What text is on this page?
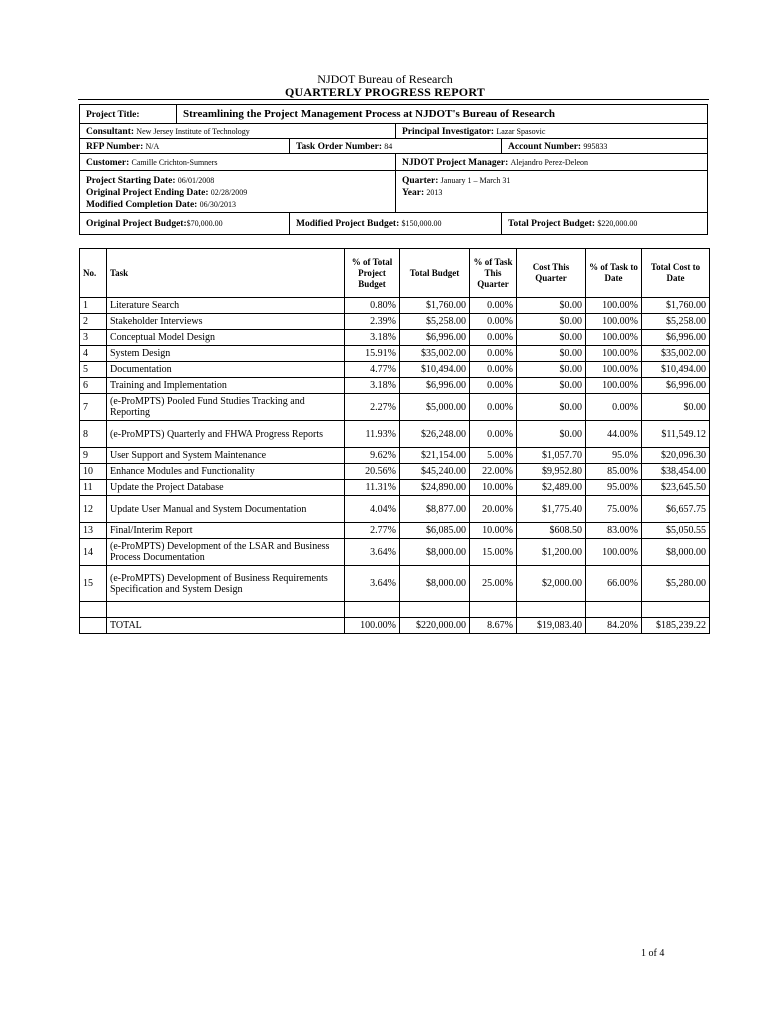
NJDOT Bureau of Research
QUARTERLY PROGRESS REPORT
Project Title:	Streamlining the Project Management Process at NJDOT's Bureau of Research
Consultant: New Jersey Institute of Technology	Principal Investigator: Lazar Spasovic
RFP Number: N/A	Task Order Number: 84	Account Number: 995833
Customer: Camille Crichton-Sumners	NJDOT Project Manager: Alejandro Perez-Deleon
Project Starting Date: 06/01/2008
Original Project Ending Date: 02/28/2009
Modified Completion Date: 06/30/2013
Quarter: January 1 – March 31
Year: 2013
Original Project Budget:$70,000.00	Modified Project Budget: $150,000.00	Total Project Budget: $220,000.00
No.	Task	% of Total Project Budget	Total Budget	% of Task This Quarter	Cost This Quarter	% of Task to Date	Total Cost to Date
1	Literature Search	0.80%	$1,760.00	0.00%	$0.00	100.00%	$1,760.00
2	Stakeholder Interviews	2.39%	$5,258.00	0.00%	$0.00	100.00%	$5,258.00
3	Conceptual Model Design	3.18%	$6,996.00	0.00%	$0.00	100.00%	$6,996.00
4	System Design	15.91%	$35,002.00	0.00%	$0.00	100.00%	$35,002.00
5	Documentation	4.77%	$10,494.00	0.00%	$0.00	100.00%	$10,494.00
6	Training and Implementation	3.18%	$6,996.00	0.00%	$0.00	100.00%	$6,996.00
7	(e-ProMPTS) Pooled Fund Studies Tracking and Reporting	2.27%	$5,000.00	0.00%	$0.00	0.00%	$0.00
8	(e-ProMPTS) Quarterly and FHWA Progress Reports	11.93%	$26,248.00	0.00%	$0.00	44.00%	$11,549.12
9	User Support and System Maintenance	9.62%	$21,154.00	5.00%	$1,057.70	95.0%	$20,096.30
10	Enhance Modules and Functionality	20.56%	$45,240.00	22.00%	$9,952.80	85.00%	$38,454.00
11	Update the Project Database	11.31%	$24,890.00	10.00%	$2,489.00	95.00%	$23,645.50
12	Update User Manual and System Documentation	4.04%	$8,877.00	20.00%	$1,775.40	75.00%	$6,657.75
13	Final/Interim Report	2.77%	$6,085.00	10.00%	$608.50	83.00%	$5,050.55
14	(e-ProMPTS) Development of the LSAR and Business Process Documentation	3.64%	$8,000.00	15.00%	$1,200.00	100.00%	$8,000.00
15	(e-ProMPTS) Development of Business Requirements Specification and System Design	3.64%	$8,000.00	25.00%	$2,000.00	66.00%	$5,280.00

	TOTAL	100.00%	$220,000.00	8.67%	$19,083.40	84.20%	$185,239.22
1 of 4
